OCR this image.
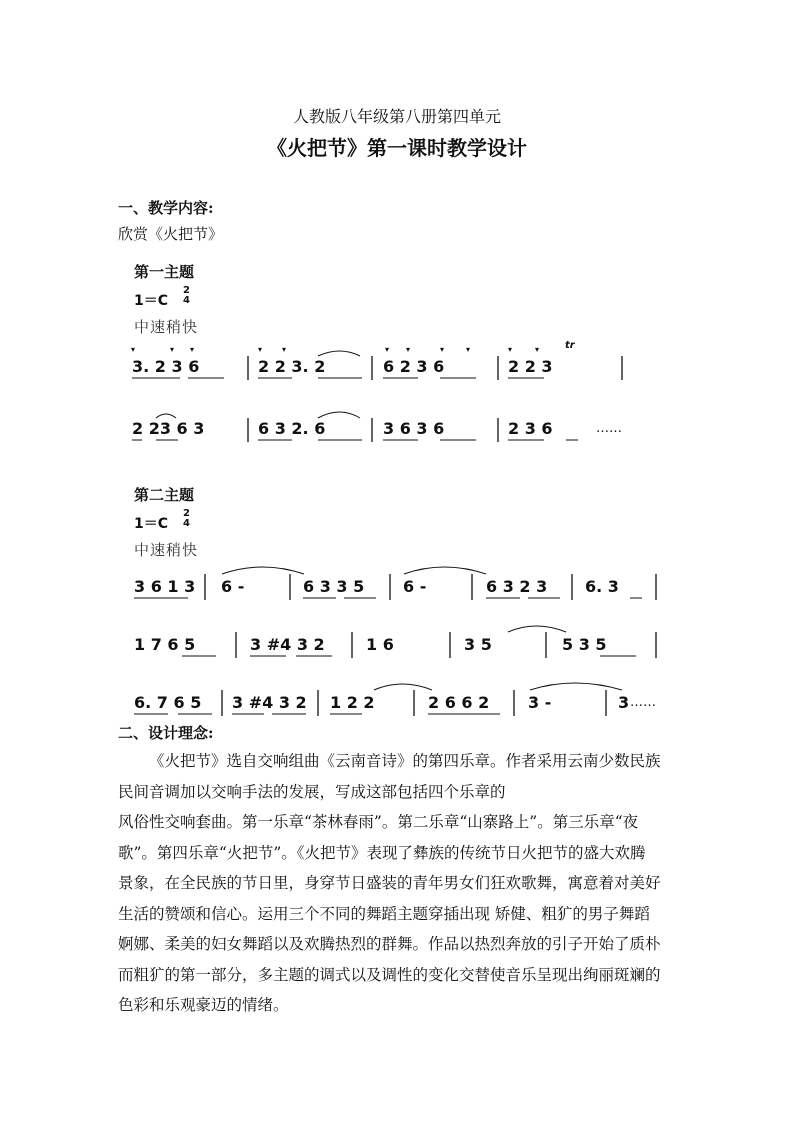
人教版八年级第八册第四单元
《火把节》第一课时教学设计
一、教学内容:
欣赏《火把节》
第一主题
1＝C
2
4
中速稍快
▾	▾ ▾	▾ ▾	▾ ▾	▾	▾	▾	▾	tr
3. 2 3 6	2 2 3. 2	6 2 3 6	2 2 3
2 23 6 3	6 3 2. 6	3 6 3 6	2 3 6	……
第二主题
1＝C
2
4
中速稍快
3 6 1 3 6 -	6 3 3 5 6 -	6 3 2 3 6. 3
1 7 6 5	3 #4 3 2	1 6	3 5	5 3 5
6. 7 6 5 3 #4 3 2 1 2 2	2 6 6 2 3 -	3 ……
二、设计理念:
《火把节》选自交响组曲《云南音诗》的第四乐章。作者采用云南少数民族
民间音调加以交响手法的发展，写成这部包括四个乐章的
风俗性交响套曲。第一乐章“茶林春雨”。第二乐章“山寨路上”。第三乐章“夜
歌”。第四乐章“火把节”。《火把节》表现了彝族的传统节日火把节的盛大欢腾
景象，在全民族的节日里，身穿节日盛装的青年男女们狂欢歌舞，寓意着对美好
生活的赞颂和信心。运用三个不同的舞蹈主题穿插出现 矫健、粗犷的男子舞蹈
婀娜、柔美的妇女舞蹈以及欢腾热烈的群舞。作品以热烈奔放的引子开始了质朴
而粗犷的第一部分，多主题的调式以及调性的变化交替使音乐呈现出绚丽斑斓的
色彩和乐观豪迈的情绪。
